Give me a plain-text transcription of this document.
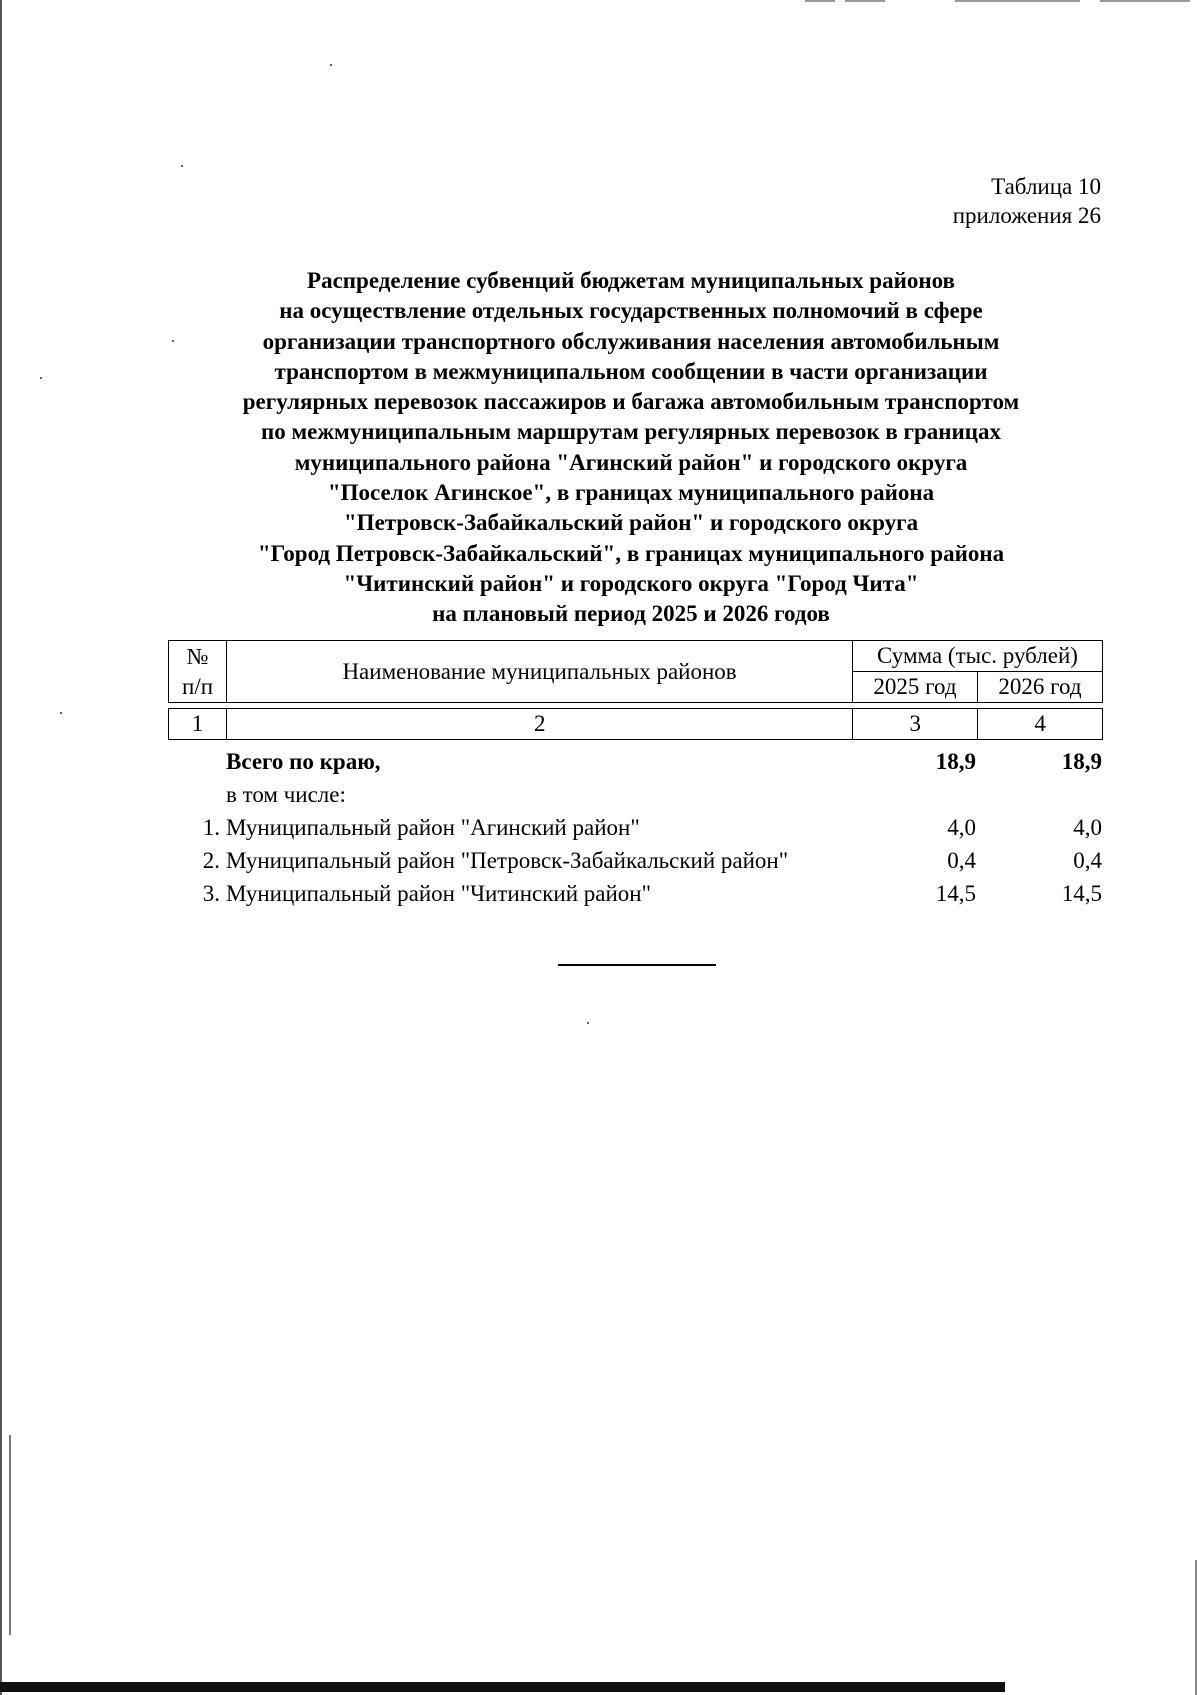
Таблица 10
приложения 26
Распределение субвенций бюджетам муниципальных районов
на осуществление отдельных государственных полномочий в сфере
организации транспортного обслуживания населения автомобильным
транспортом в межмуниципальном сообщении в части организации
регулярных перевозок пассажиров и багажа автомобильным транспортом
по межмуниципальным маршрутам регулярных перевозок в границах
муниципального района "Агинский район" и городского округа
"Поселок Агинское", в границах муниципального района
"Петровск-Забайкальский район" и городского округа
"Город Петровск-Забайкальский", в границах муниципального района
"Читинский район" и городского округа "Город Чита"
на плановый период 2025 и 2026 годов
№
п/п	Наименование муниципальных районов	Сумма (тыс. рублей)	
		2025 год	2026 год
1	2	3	4
Всего по краю,	18,9	18,9
в том числе:
1. Муниципальный район "Агинский район"	4,0	4,0
2. Муниципальный район "Петровск-Забайкальский район"	0,4	0,4
3. Муниципальный район "Читинский район"	14,5	14,5
